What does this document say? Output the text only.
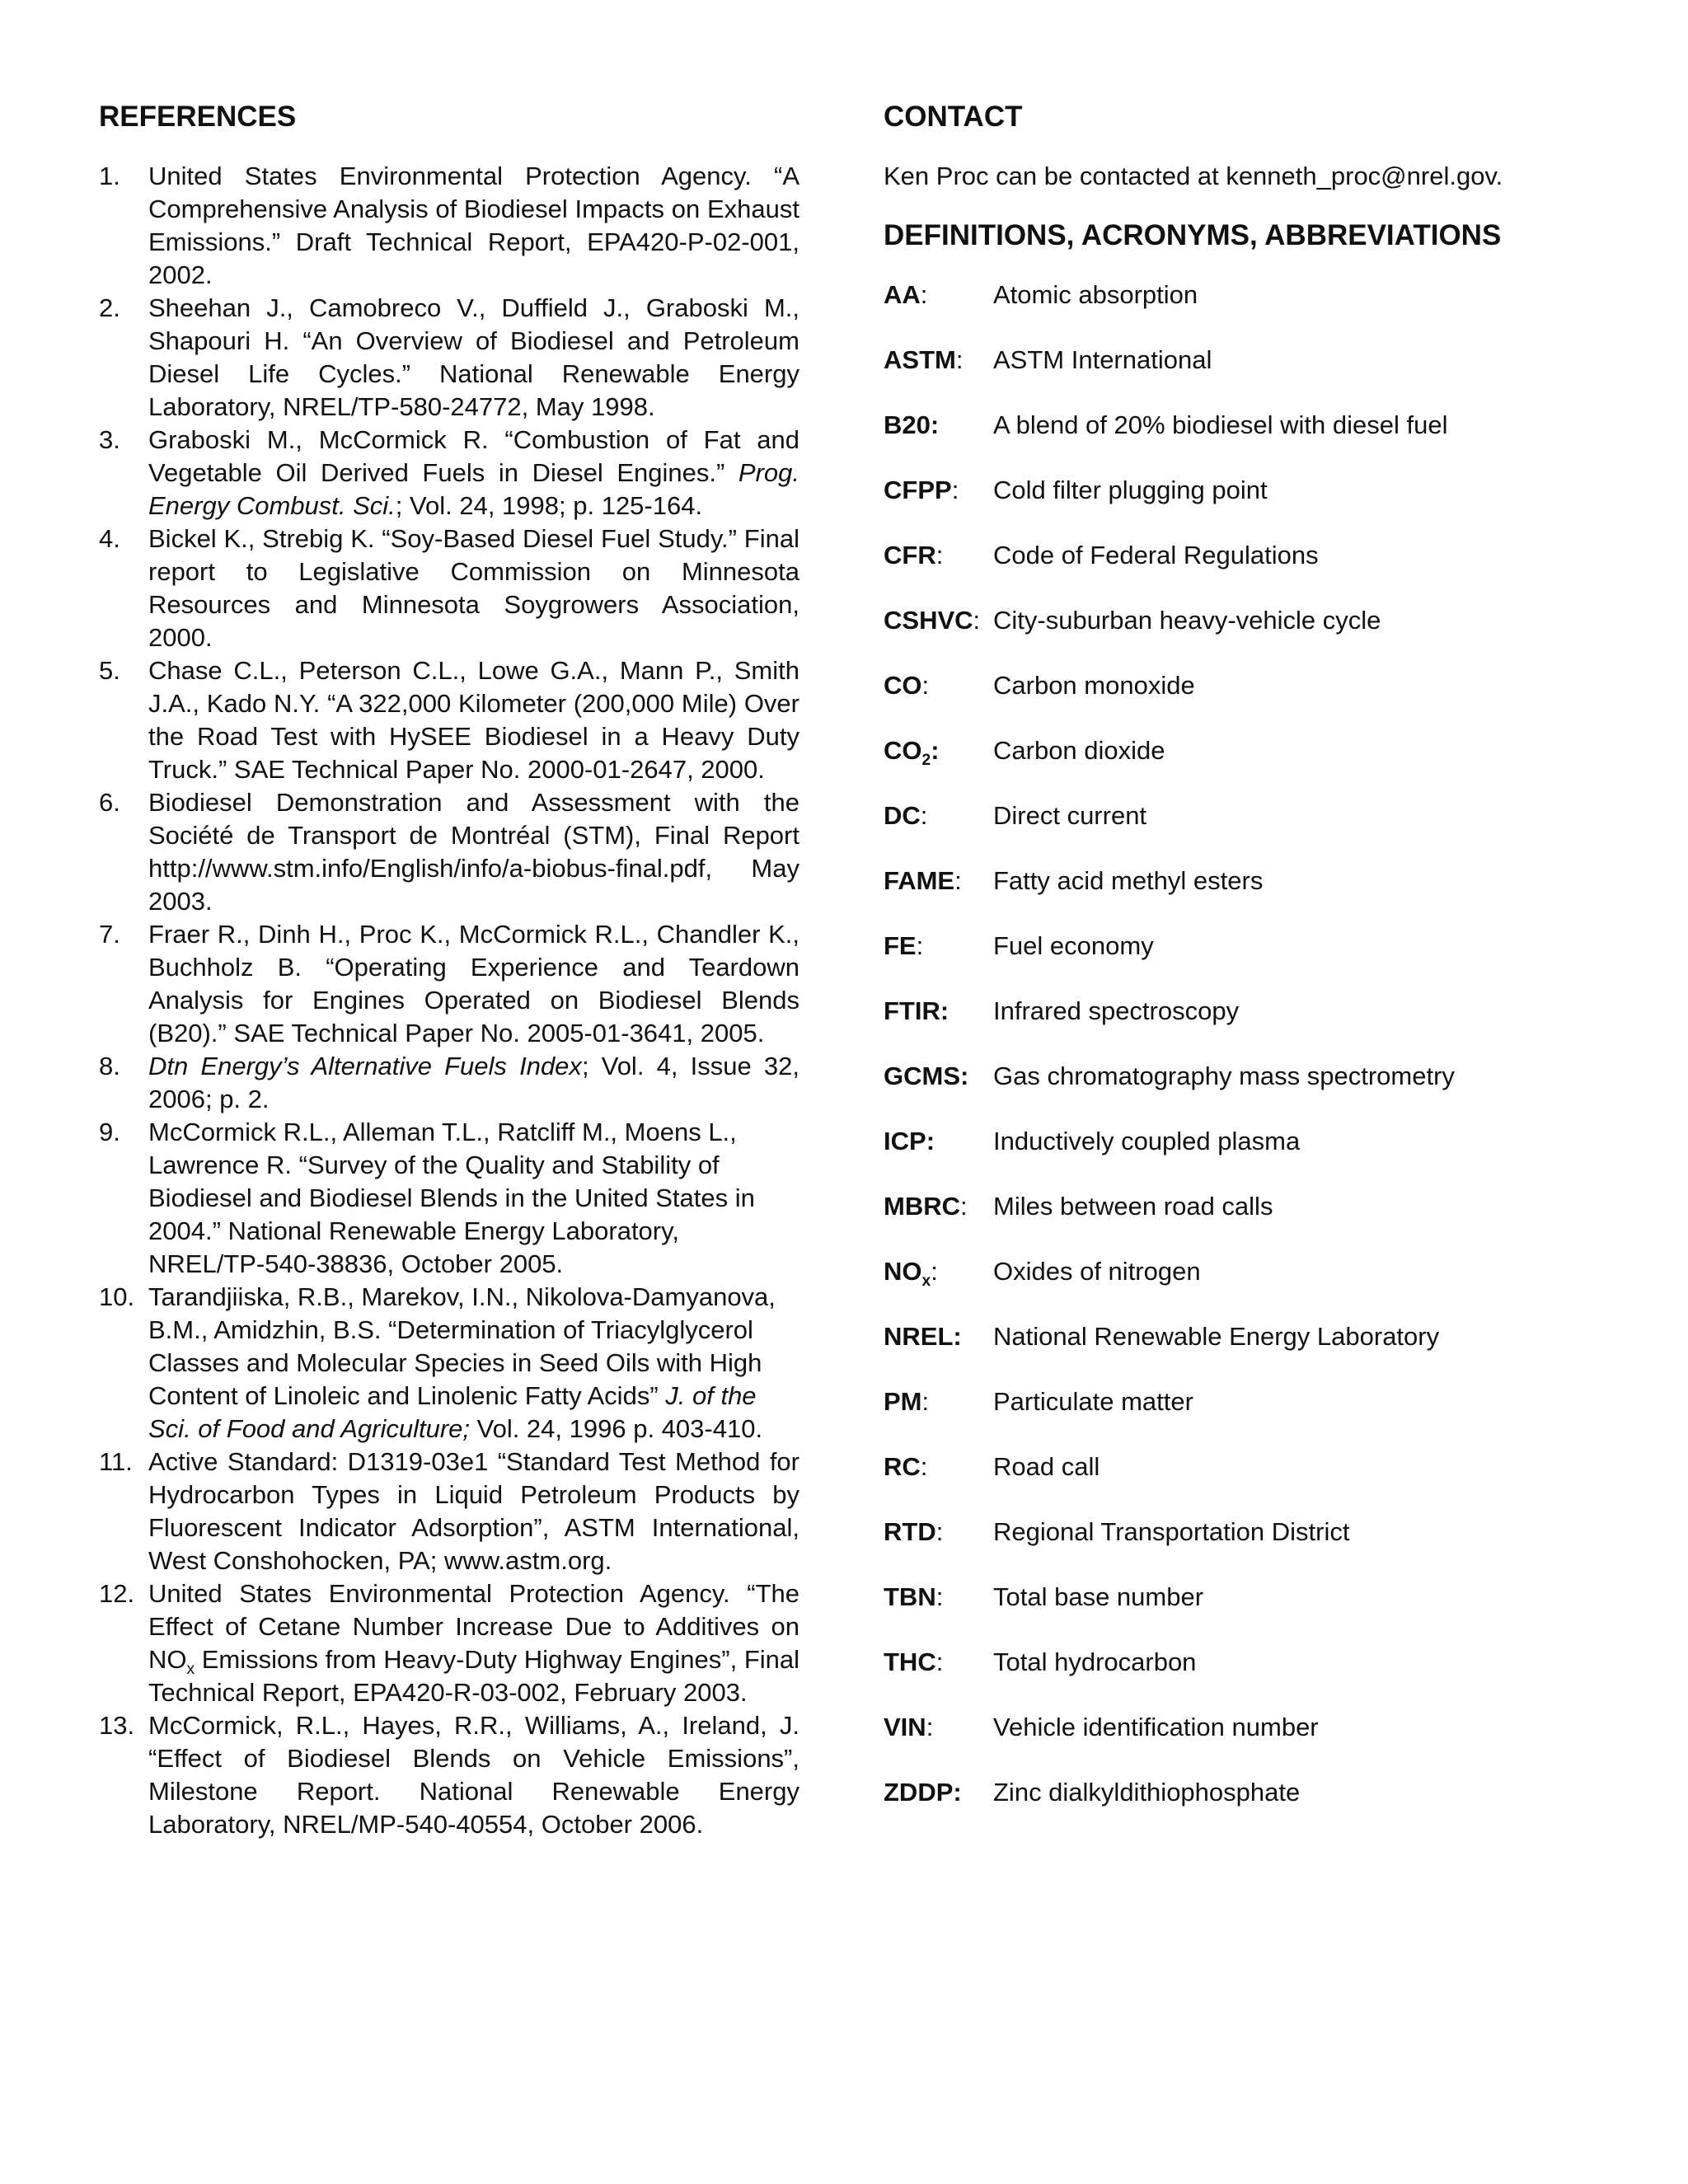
REFERENCES
1.	United States Environmental Protection Agency. “A Comprehensive Analysis of Biodiesel Impacts on Exhaust Emissions.” Draft Technical Report, EPA420-P-02-001, 2002.
2.	Sheehan J., Camobreco V., Duffield J., Graboski M., Shapouri H. “An Overview of Biodiesel and Petroleum Diesel Life Cycles.” National Renewable Energy Laboratory, NREL/TP-580-24772, May 1998.
3.	Graboski M., McCormick R. “Combustion of Fat and Vegetable Oil Derived Fuels in Diesel Engines.” Prog. Energy Combust. Sci.; Vol. 24, 1998; p. 125-164.
4.	Bickel K., Strebig K. “Soy-Based Diesel Fuel Study.” Final report to Legislative Commission on Minnesota Resources and Minnesota Soygrowers Association, 2000.
5.	Chase C.L., Peterson C.L., Lowe G.A., Mann P., Smith J.A., Kado N.Y. “A 322,000 Kilometer (200,000 Mile) Over the Road Test with HySEE Biodiesel in a Heavy Duty Truck.” SAE Technical Paper No. 2000-01-2647, 2000.
6.	Biodiesel Demonstration and Assessment with the Société de Transport de Montréal (STM), Final Report http://www.stm.info/English/info/a-biobus-final.pdf, May 2003.
7.	Fraer R., Dinh H., Proc K., McCormick R.L., Chandler K., Buchholz B. “Operating Experience and Teardown Analysis for Engines Operated on Biodiesel Blends (B20).” SAE Technical Paper No. 2005-01-3641, 2005.
8.	Dtn Energy’s Alternative Fuels Index; Vol. 4, Issue 32, 2006; p. 2.
9.	McCormick R.L., Alleman T.L., Ratcliff M., Moens L., Lawrence R. “Survey of the Quality and Stability of Biodiesel and Biodiesel Blends in the United States in 2004.” National Renewable Energy Laboratory, NREL/TP-540-38836, October 2005.
10. Tarandjiiska, R.B., Marekov, I.N., Nikolova-Damyanova, B.M., Amidzhin, B.S. “Determination of Triacylglycerol Classes and Molecular Species in Seed Oils with High Content of Linoleic and Linolenic Fatty Acids” J. of the Sci. of Food and Agriculture; Vol. 24, 1996 p. 403-410.
11. Active Standard: D1319-03e1 “Standard Test Method for Hydrocarbon Types in Liquid Petroleum Products by Fluorescent Indicator Adsorption”, ASTM International, West Conshohocken, PA; www.astm.org.
12. United States Environmental Protection Agency. “The Effect of Cetane Number Increase Due to Additives on $NO_x$ Emissions from Heavy-Duty Highway Engines”, Final Technical Report, EPA420-R-03-002, February 2003.
13. McCormick, R.L., Hayes, R.R., Williams, A., Ireland, J. “Effect of Biodiesel Blends on Vehicle Emissions”, Milestone Report. National Renewable Energy Laboratory, NREL/MP-540-40554, October 2006.
CONTACT
Ken Proc can be contacted at kenneth_proc@nrel.gov.
DEFINITIONS, ACRONYMS, ABBREVIATIONS
AA:	Atomic absorption
ASTM:	ASTM International
B20:	A blend of 20% biodiesel with diesel fuel
CFPP:	Cold filter plugging point
CFR:	Code of Federal Regulations
CSHVC: City-suburban heavy-vehicle cycle
CO:	Carbon monoxide
$CO_2$:	Carbon dioxide
DC:	Direct current
FAME:	Fatty acid methyl esters
FE:	Fuel economy
FTIR:	Infrared spectroscopy
GCMS: Gas chromatography mass spectrometry
ICP:	Inductively coupled plasma
MBRC:	Miles between road calls
$NO_x$:	Oxides of nitrogen
NREL:	National Renewable Energy Laboratory
PM:	Particulate matter
RC:	Road call
RTD:	Regional Transportation District
TBN:	Total base number
THC:	Total hydrocarbon
VIN:	Vehicle identification number
ZDDP:	Zinc dialkyldithiophosphate
